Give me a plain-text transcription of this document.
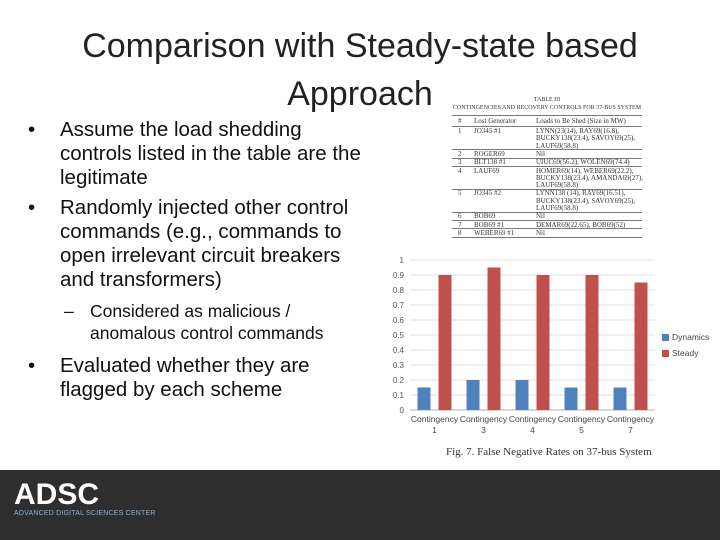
Comparison with Steady-state based Approach
• Assume the load shedding controls listed in the table are the legitimate
• Randomly injected other control commands (e.g., commands to open irrelevant circuit breakers and transformers)
– Considered as malicious / anomalous control commands
• Evaluated whether they are flagged by each scheme
TABLE III
CONTINGENCIES AND RECOVERY CONTROLS FOR 37-BUS SYSTEM
# Lost Generator	Loads to Be Shed (Size in MW)
1 JO345 #1	LYNN(23(14), RAY69(16.8),
BUCKY138(23.4), SAVOY69(25),
LAUF69(58.8)
2 ROGER69	Nil
3 BLT138 #1	UIUC69(56.2), WOLEN69(74.4)
4 LAUF69	HOMER69(14), WEBER69(22.2),
BUCKY138(23.4), AMANDA69(27),
LAUF69(58.8)
5 JO345 #2	LYNN138 (14), RAY69(16.51),
BUCKY138(23.4), SAVOY69(25),
LAUF69(58.8)
6 BOB69	Nil
7 BOB69 #1	DEMAR69(22.65), BOB69(52)
8 WEBER69 #1	Nil
0
0.1
0.2
0.3
0.4
0.5
0.6
0.7
0.8
0.9
1
Contingency
1
Contingency
3
Contingency
4
Contingency
5
Contingency
7
Dynamics
Steady
Fig. 7. False Negative Rates on 37-bus System
ADSC
ADVANCED DIGITAL SCIENCES CENTER
